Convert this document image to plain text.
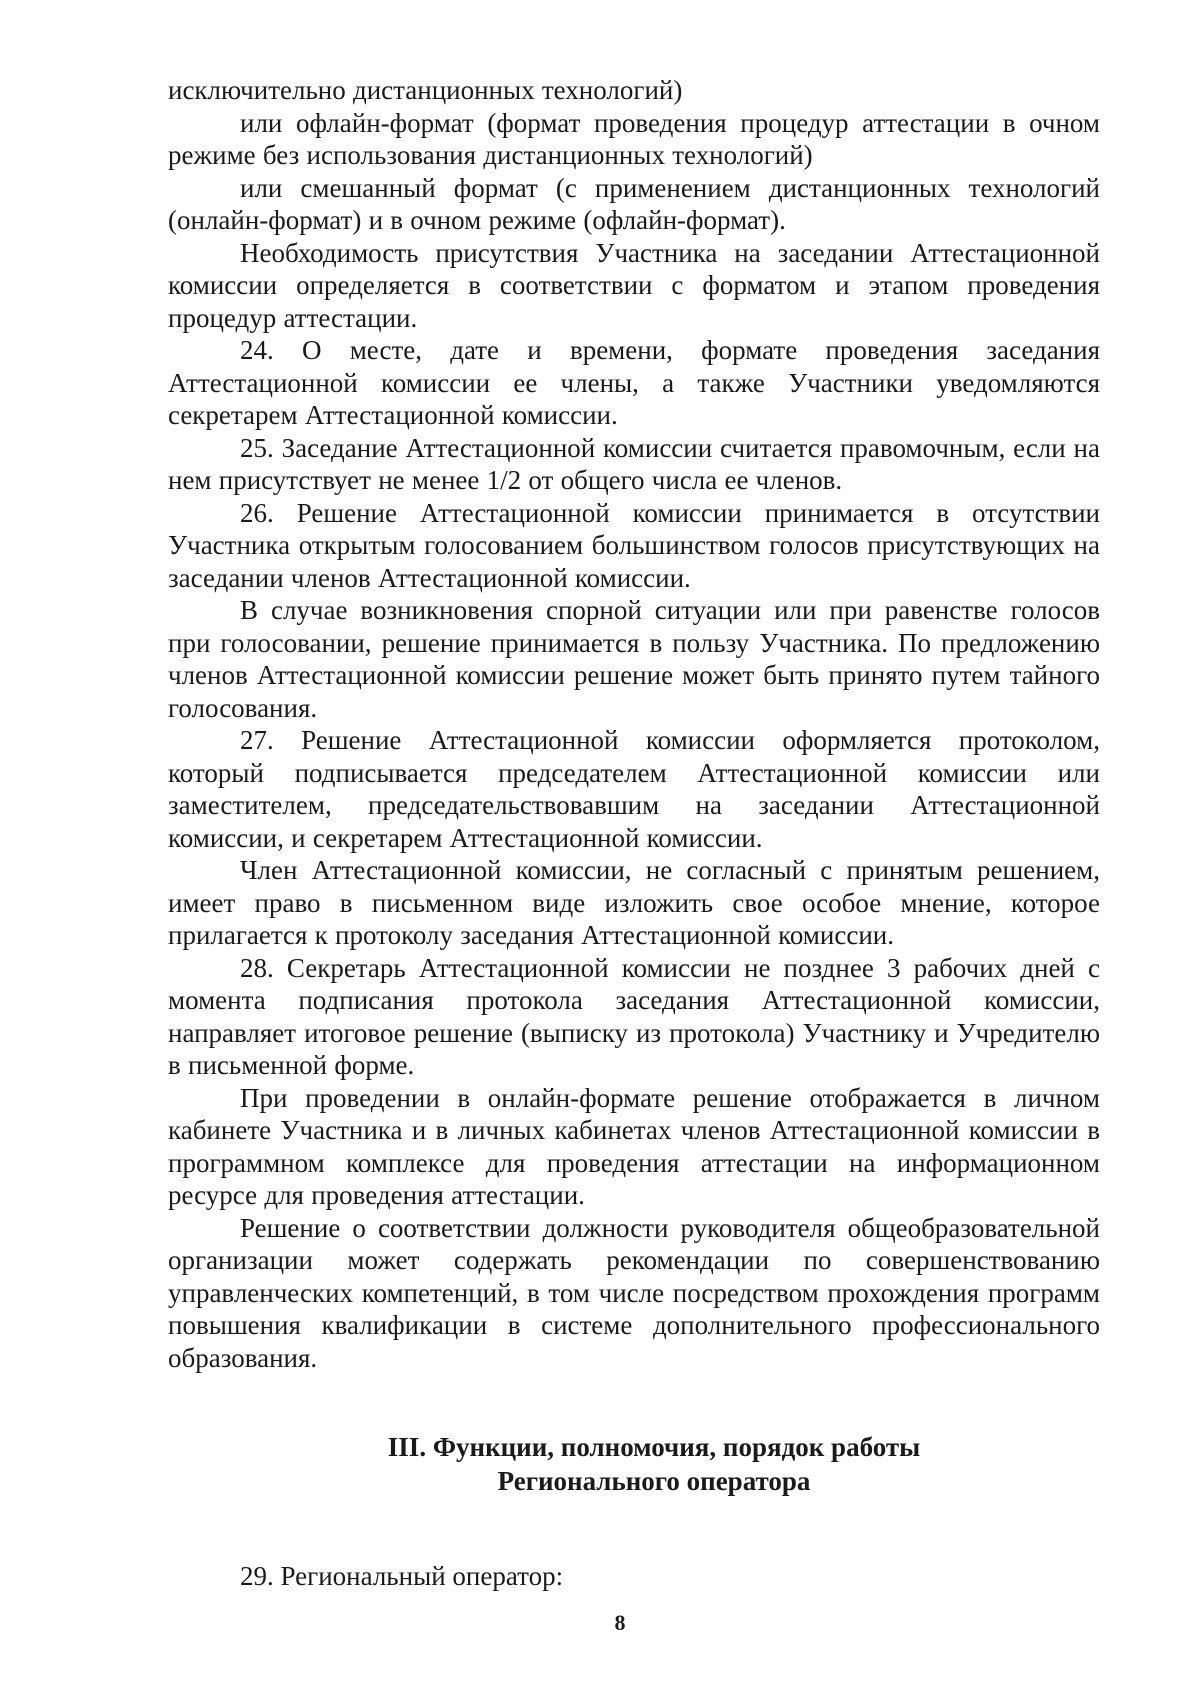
исключительно дистанционных технологий)

или офлайн-формат (формат проведения процедур аттестации в очном режиме без использования дистанционных технологий)

или смешанный формат (с применением дистанционных технологий (онлайн-формат) и в очном режиме (офлайн-формат).

Необходимость присутствия Участника на заседании Аттестационной комиссии определяется в соответствии с форматом и этапом проведения процедур аттестации.

24. О месте, дате и времени, формате проведения заседания Аттестационной комиссии ее члены, а также Участники уведомляются секретарем Аттестационной комиссии.

25. Заседание Аттестационной комиссии считается правомочным, если на нем присутствует не менее 1/2 от общего числа ее членов.

26. Решение Аттестационной комиссии принимается в отсутствии Участника открытым голосованием большинством голосов присутствующих на заседании членов Аттестационной комиссии.

В случае возникновения спорной ситуации или при равенстве голосов при голосовании, решение принимается в пользу Участника. По предложению членов Аттестационной комиссии решение может быть принято путем тайного голосования.

27. Решение Аттестационной комиссии оформляется протоколом, который подписывается председателем Аттестационной комиссии или заместителем, председательствовавшим на заседании Аттестационной комиссии, и секретарем Аттестационной комиссии.

Член Аттестационной комиссии, не согласный с принятым решением, имеет право в письменном виде изложить свое особое мнение, которое прилагается к протоколу заседания Аттестационной комиссии.

28. Секретарь Аттестационной комиссии не позднее 3 рабочих дней с момента подписания протокола заседания Аттестационной комиссии, направляет итоговое решение (выписку из протокола) Участнику и Учредителю в письменной форме.

При проведении в онлайн-формате решение отображается в личном кабинете Участника и в личных кабинетах членов Аттестационной комиссии в программном комплексе для проведения аттестации на информационном ресурсе для проведения аттестации.

Решение о соответствии должности руководителя общеобразовательной организации может содержать рекомендации по совершенствованию управленческих компетенций, в том числе посредством прохождения программ повышения квалификации в системе дополнительного профессионального образования.

III. Функции, полномочия, порядок работы
Регионального оператора

29. Региональный оператор:

8
